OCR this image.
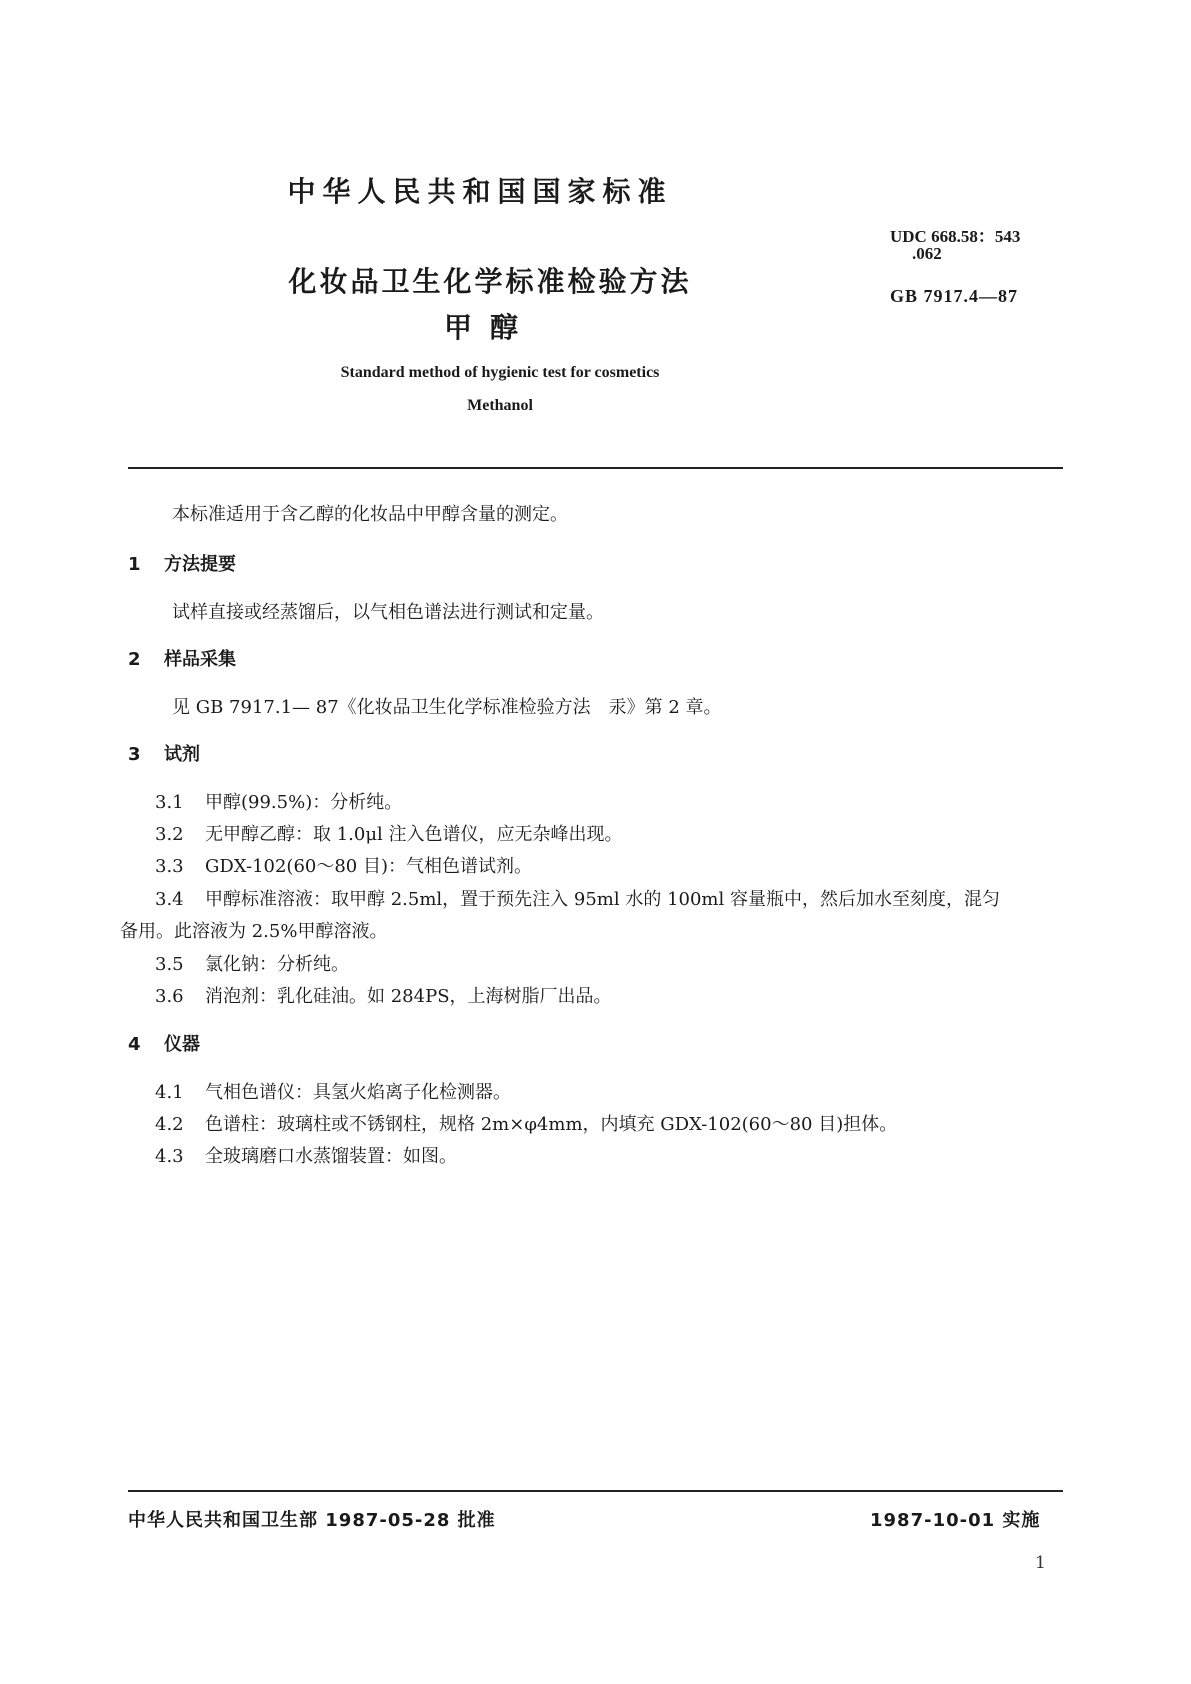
中华人民共和国国家标准
UDC 668.58：543
.062
GB 7917.4—87
化妆品卫生化学标准检验方法
甲醇
Standard method of hygienic test for cosmetics
Methanol
本标准适用于含乙醇的化妆品中甲醇含量的测定。
1 方法提要
试样直接或经蒸馏后，以气相色谱法进行测试和定量。
2 样品采集
见 GB 7917.1— 87《化妆品卫生化学标准检验方法　汞》第 2 章。
3 试剂
3.1 甲醇(99.5%)：分析纯。
3.2 无甲醇乙醇：取 1.0μl 注入色谱仪，应无杂峰出现。
3.3 GDX-102(60～80 目)：气相色谱试剂。
3.4 甲醇标准溶液：取甲醇 2.5ml，置于预先注入 95ml 水的 100ml 容量瓶中，然后加水至刻度，混匀
备用。此溶液为 2.5%甲醇溶液。
3.5 氯化钠：分析纯。
3.6 消泡剂：乳化硅油。如 284PS，上海树脂厂出品。
4 仪器
4.1 气相色谱仪：具氢火焰离子化检测器。
4.2 色谱柱：玻璃柱或不锈钢柱，规格 2m×φ4mm，内填充 GDX-102(60～80 目)担体。
4.3 全玻璃磨口水蒸馏装置：如图。
中华人民共和国卫生部 1987-05-28 批准	1987-10-01 实施
1
